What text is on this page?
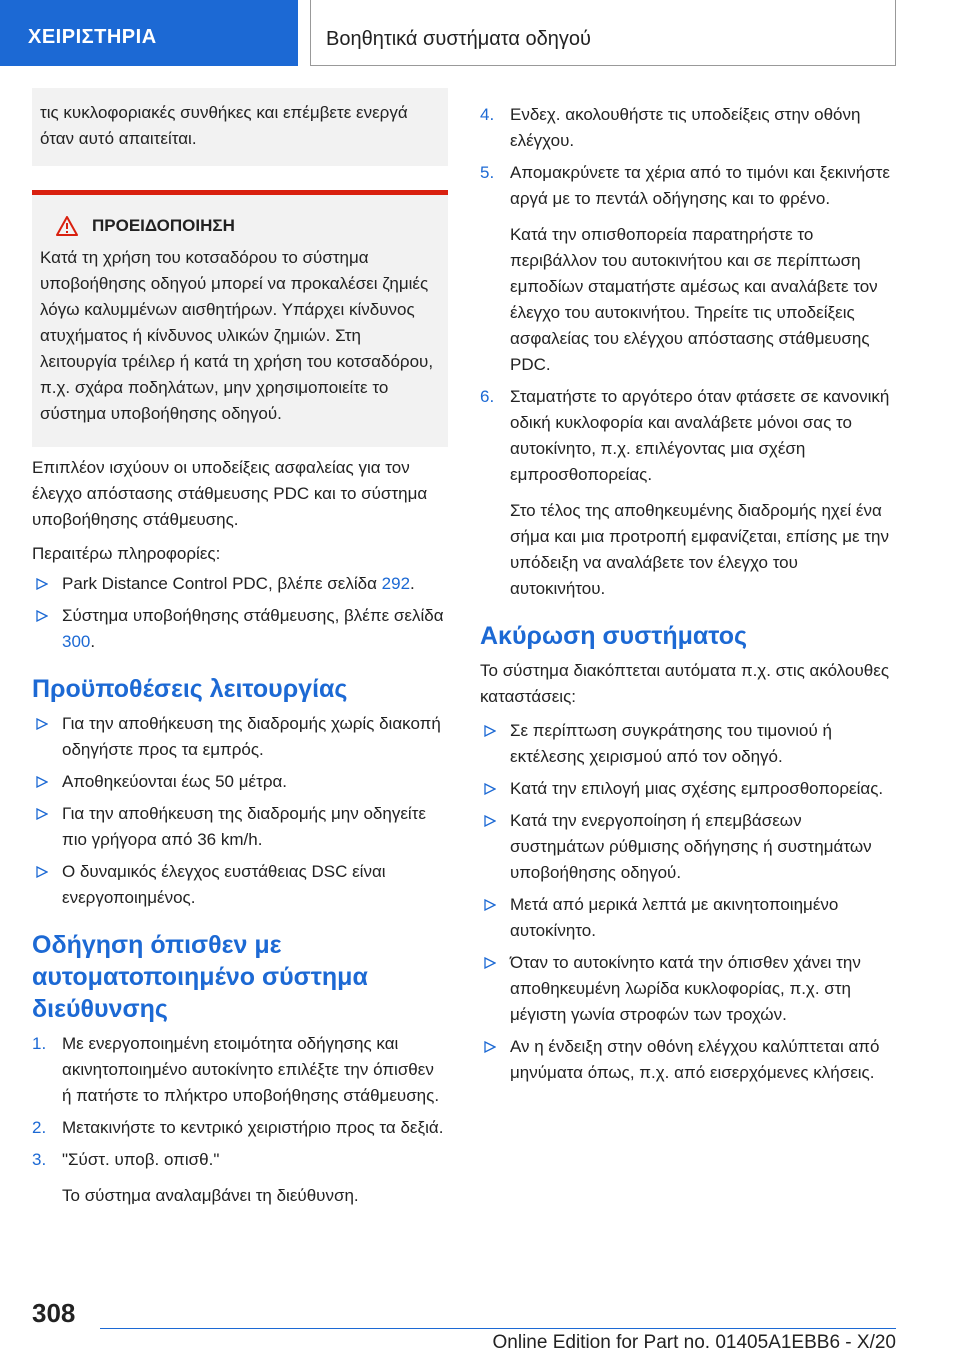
ΧΕΙΡΙΣΤΗΡΙΑ	Βοηθητικά συστήματα οδηγού
τις κυκλοφοριακές συνθήκες και επέμβετε ενεργά όταν αυτό απαιτείται.
ΠΡΟΕΙΔΟΠΟΙΗΣΗ
Κατά τη χρήση του κοτσαδόρου το σύστημα υποβοήθησης οδηγού μπορεί να προκαλέσει ζημιές λόγω καλυμμένων αισθητήρων. Υπάρχει κίνδυνος ατυχήματος ή κίνδυνος υλικών ζημιών. Στη λειτουργία τρέιλερ ή κατά τη χρήση του κοτσαδόρου, π.χ. σχάρα ποδηλάτων, μην χρησιμοποιείτε το σύστημα υποβοήθησης οδηγού.

Επιπλέον ισχύουν οι υποδείξεις ασφαλείας για τον έλεγχο απόστασης στάθμευσης PDC και το σύστημα υποβοήθησης στάθμευσης.

Περαιτέρω πληροφορίες:

Park Distance Control PDC, βλέπε σελίδα 292.
Σύστημα υποβοήθησης στάθμευσης, βλέπε σελίδα 300.
Προϋποθέσεις λειτουργίας
Για την αποθήκευση της διαδρομής χωρίς διακοπή οδηγήστε προς τα εμπρός.
Αποθηκεύονται έως 50 μέτρα.
Για την αποθήκευση της διαδρομής μην οδηγείτε πιο γρήγορα από 36 km/h.
Ο δυναμικός έλεγχος ευστάθειας DSC είναι ενεργοποιημένος.
Οδήγηση όπισθεν με αυτοματοποιημένο σύστημα διεύθυνσης
1. Με ενεργοποιημένη ετοιμότητα οδήγησης και ακινητοποιημένο αυτοκίνητο επιλέξτε την όπισθεν ή πατήστε το πλήκτρο υποβοήθησης στάθμευσης.
2. Μετακινήστε το κεντρικό χειριστήριο προς τα δεξιά.
3. "Σύστ. υποβ. οπισθ."
Το σύστημα αναλαμβάνει τη διεύθυνση.
4. Ενδεχ. ακολουθήστε τις υποδείξεις στην οθόνη ελέγχου.
5. Απομακρύνετε τα χέρια από το τιμόνι και ξεκινήστε αργά με το πεντάλ οδήγησης και το φρένο.
Κατά την οπισθοπορεία παρατηρήστε το περιβάλλον του αυτοκινήτου και σε περίπτωση εμποδίων σταματήστε αμέσως και αναλάβετε τον έλεγχο του αυτοκινήτου. Τηρείτε τις υποδείξεις ασφαλείας του ελέγχου απόστασης στάθμευσης PDC.
6. Σταματήστε το αργότερο όταν φτάσετε σε κανονική οδική κυκλοφορία και αναλάβετε μόνοι σας το αυτοκίνητο, π.χ. επιλέγοντας μια σχέση εμπροσθοπορείας.
Στο τέλος της αποθηκευμένης διαδρομής ηχεί ένα σήμα και μια προτροπή εμφανίζεται, επίσης με την υπόδειξη να αναλάβετε τον έλεγχο του αυτοκινήτου.
Ακύρωση συστήματος

Το σύστημα διακόπτεται αυτόματα π.χ. στις ακόλουθες καταστάσεις:

Σε περίπτωση συγκράτησης του τιμονιού ή εκτέλεσης χειρισμού από τον οδηγό.
Κατά την επιλογή μιας σχέσης εμπροσθοπορείας.
Κατά την ενεργοποίηση ή επεμβάσεων συστημάτων ρύθμισης οδήγησης ή συστημάτων υποβοήθησης οδηγού.
Μετά από μερικά λεπτά με ακινητοποιημένο αυτοκίνητο.
Όταν το αυτοκίνητο κατά την όπισθεν χάνει την αποθηκευμένη λωρίδα κυκλοφορίας, π.χ. στη μέγιστη γωνία στροφών των τροχών.
Αν η ένδειξη στην οθόνη ελέγχου καλύπτεται από μηνύματα όπως, π.χ. από εισερχόμενες κλήσεις.
308
Online Edition for Part no. 01405A1EBB6 - X/20
